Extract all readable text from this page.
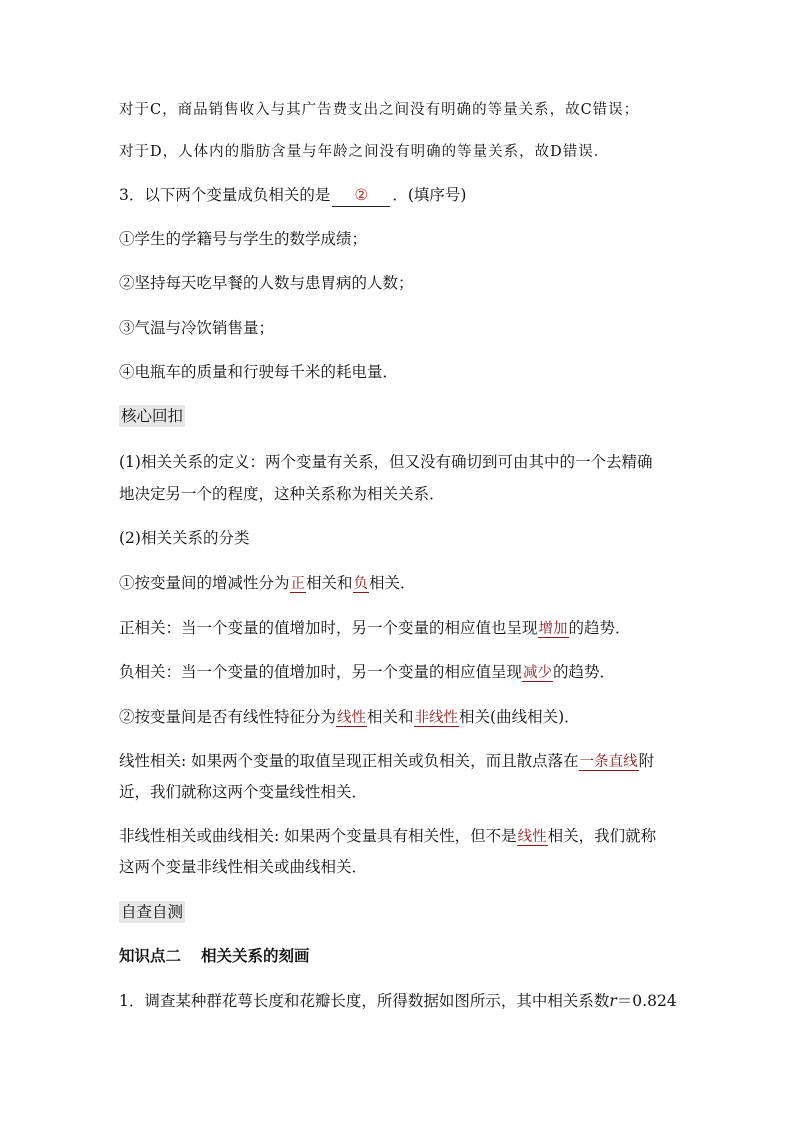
对于C，商品销售收入与其广告费支出之间没有明确的等量关系，故C错误；
对于D，人体内的脂肪含量与年龄之间没有明确的等量关系，故D错误．
3．以下两个变量成负相关的是 ② ．(填序号)
①学生的学籍号与学生的数学成绩；
②坚持每天吃早餐的人数与患胃病的人数；
③气温与冷饮销售量；
④电瓶车的质量和行驶每千米的耗电量．
核心回扣
(1)相关关系的定义：两个变量有关系，但又没有确切到可由其中的一个去精确
地决定另一个的程度，这种关系称为相关关系．
(2)相关关系的分类
①按变量间的增减性分为正相关和负相关．
正相关：当一个变量的值增加时，另一个变量的相应值也呈现增加的趋势．
负相关：当一个变量的值增加时，另一个变量的相应值呈现减少的趋势．
②按变量间是否有线性特征分为线性相关和非线性相关(曲线相关)．
线性相关: 如果两个变量的取值呈现正相关或负相关，而且散点落在一条直线附
近，我们就称这两个变量线性相关．
非线性相关或曲线相关: 如果两个变量具有相关性，但不是线性相关，我们就称
这两个变量非线性相关或曲线相关．
自查自测
知识点二 相关关系的刻画
1．调查某种群花萼长度和花瓣长度，所得数据如图所示，其中相关系数r＝0.824
